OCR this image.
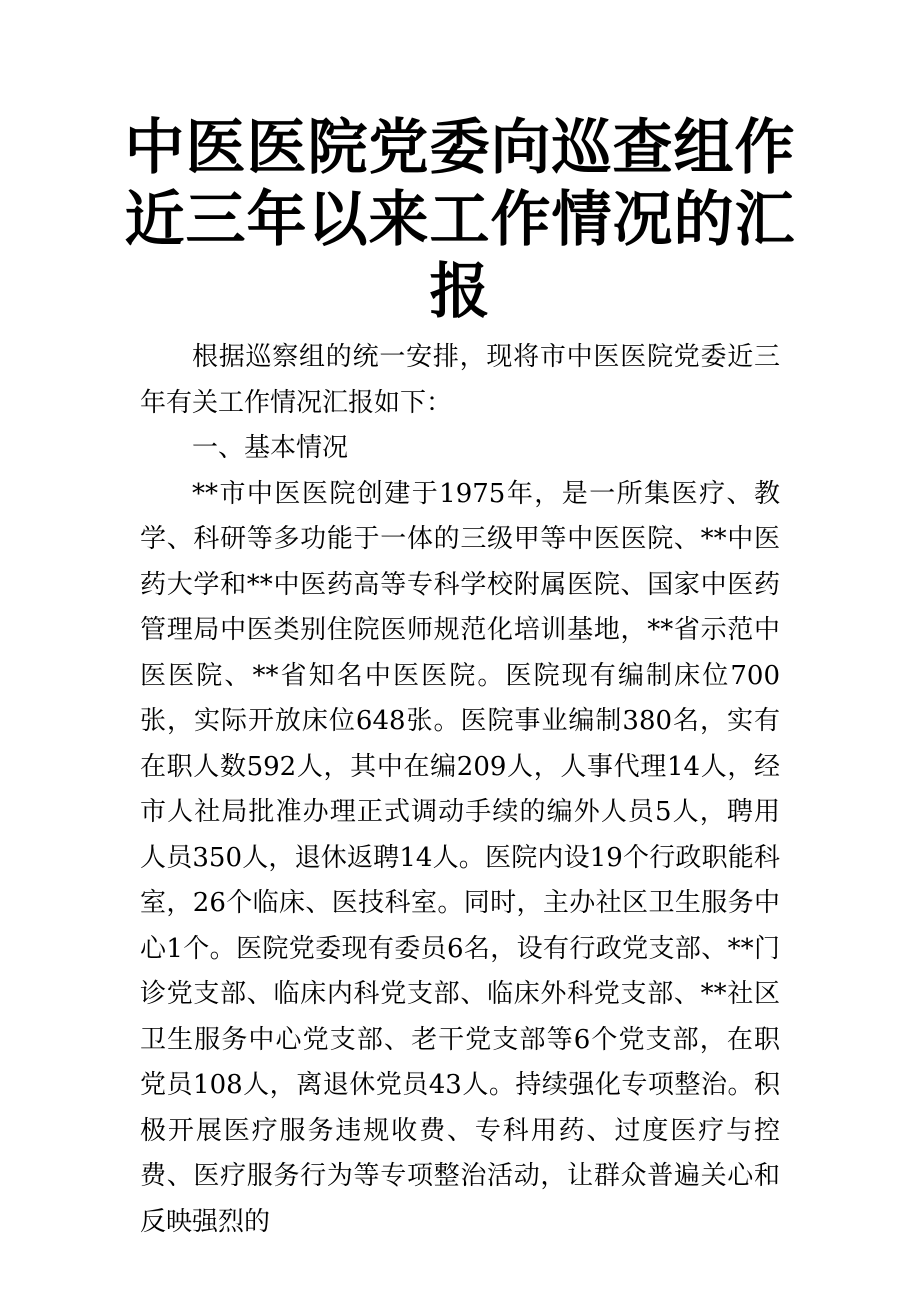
中医医院党委向巡查组作
近三年以来工作情况的汇
报

根据巡察组的统一安排，现将市中医医院党委近三年有关工作情况汇报如下：

一、基本情况

**市中医医院创建于1975年，是一所集医疗、教学、科研等多功能于一体的三级甲等中医医院、**中医药大学和**中医药高等专科学校附属医院、国家中医药管理局中医类别住院医师规范化培训基地，**省示范中医医院、**省知名中医医院。医院现有编制床位700张，实际开放床位648张。医院事业编制380名，实有在职人数592人，其中在编209人，人事代理14人，经市人社局批准办理正式调动手续的编外人员5人，聘用人员350人，退休返聘14人。医院内设19个行政职能科室，26个临床、医技科室。同时，主办社区卫生服务中心1个。医院党委现有委员6名，设有行政党支部、**门诊党支部、临床内科党支部、临床外科党支部、**社区卫生服务中心党支部、老干党支部等6个党支部，在职党员108人，离退休党员43人。持续强化专项整治。积极开展医疗服务违规收费、专科用药、过度医疗与控费、医疗服务行为等专项整治活动，让群众普遍关心和反映强烈的
